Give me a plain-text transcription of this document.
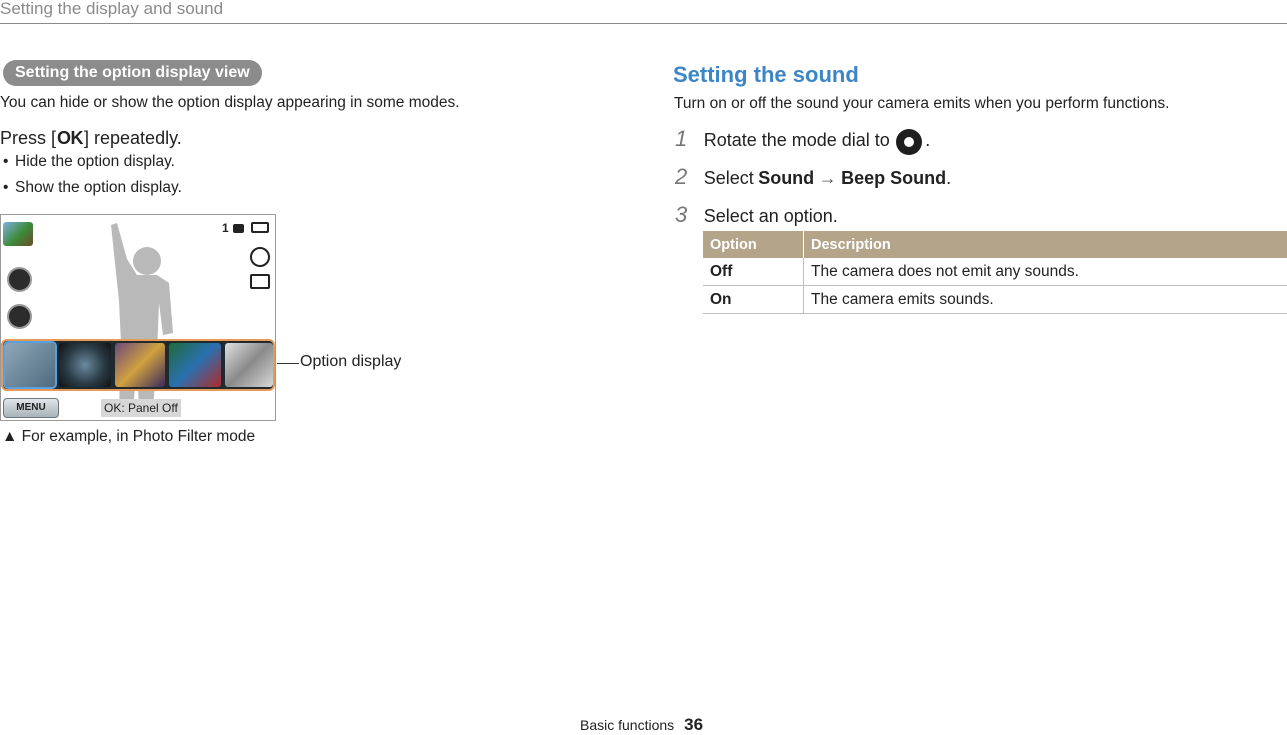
Setting the display and sound
Setting the option display view
You can hide or show the option display appearing in some modes.
Press [OK] repeatedly.
• Hide the option display.
• Show the option display.
1
MENU	OK: Panel Off
Option display
▲ For example, in Photo Filter mode
Setting the sound
Turn on or off the sound your camera emits when you perform functions.
1 Rotate the mode dial to .
2 Select Sound → Beep Sound.
3 Select an option.
Option	Description
Off	The camera does not emit any sounds.
On	The camera emits sounds.
Basic functions 36
